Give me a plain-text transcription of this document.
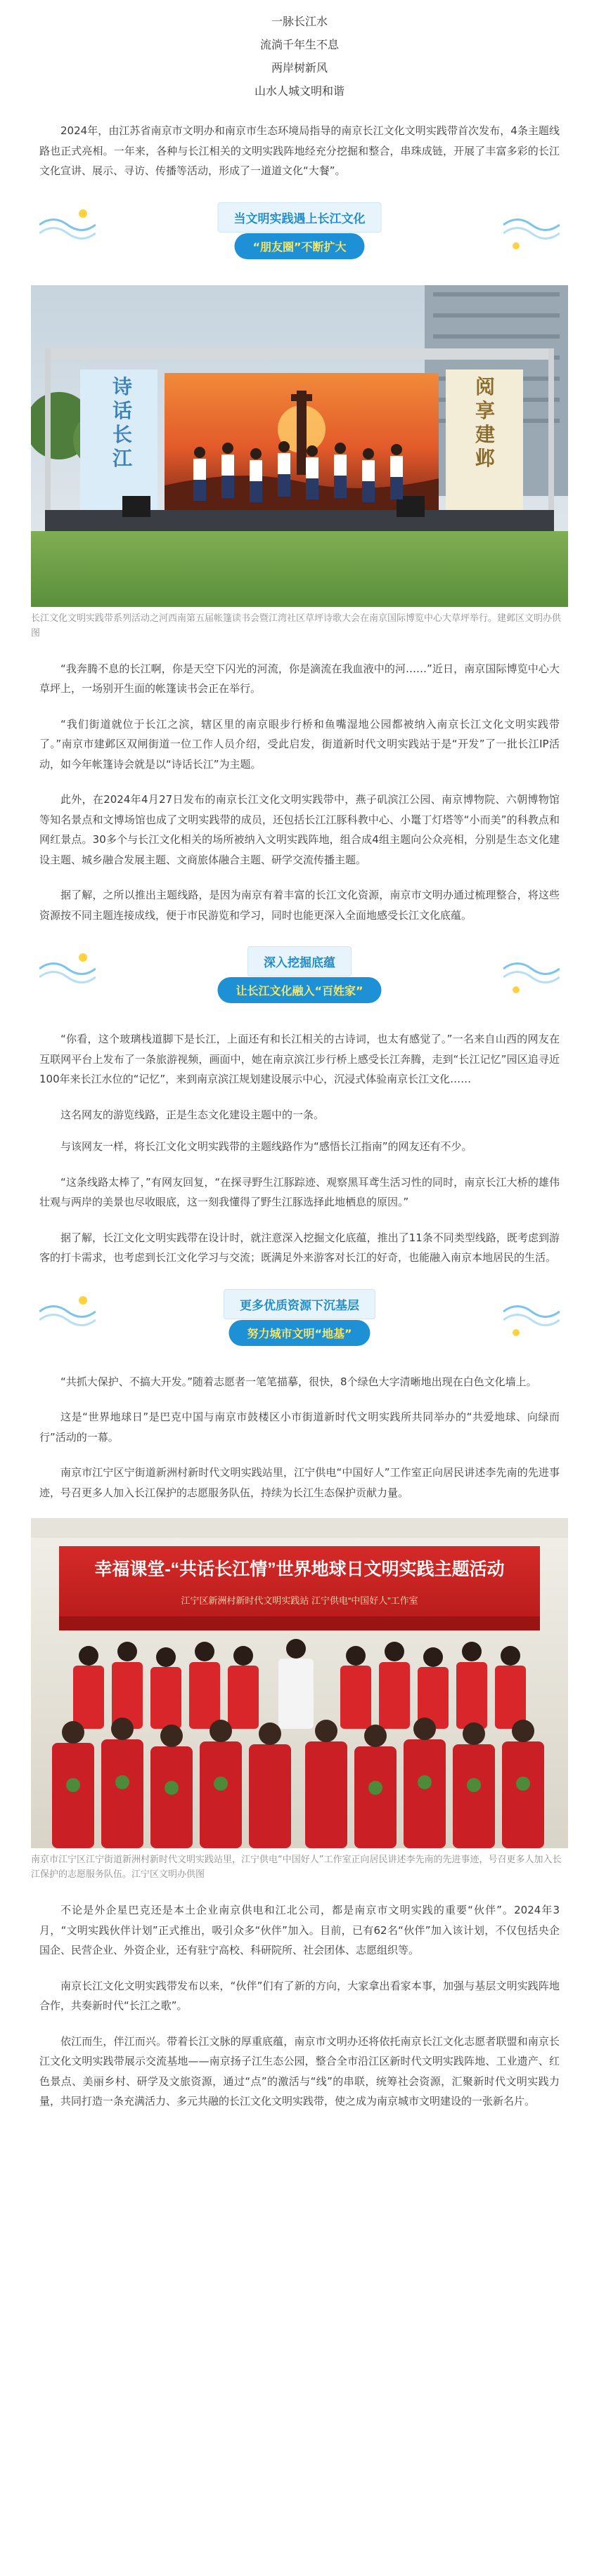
一脉长江水
流淌千年生不息
两岸树新风
山水人城文明和谐

2024年，由江苏省南京市文明办和南京市生态环境局指导的南京长江文化文明实践带首次发布，4条主题线路也正式亮相。一年来，各种与长江相关的文明实践阵地经充分挖掘和整合，串珠成链，开展了丰富多彩的长江文化宣讲、展示、寻访、传播等活动，形成了一道道文化“大餐”。

当文明实践遇上长江文化
“朋友圈”不断扩大
诗 话 长 江
阅 享 建 邺
长江文化文明实践带系列活动之河西南第五届帐篷读书会暨江湾社区草坪诗歌大会在南京国际博览中心大草坪举行。建邺区文明办供图

“我奔腾不息的长江啊，你是天空下闪光的河流，你是滴流在我血液中的河……”近日，南京国际博览中心大草坪上，一场别开生面的帐篷读书会正在举行。

“我们街道就位于长江之滨，辖区里的南京眼步行桥和鱼嘴湿地公园都被纳入南京长江文化文明实践带了。”南京市建邺区双闸街道一位工作人员介绍，受此启发，街道新时代文明实践站于是“开发”了一批长江IP活动，如今年帐篷诗会就是以“诗话长江”为主题。

此外，在2024年4月27日发布的南京长江文化文明实践带中，燕子矶滨江公园、南京博物院、六朝博物馆等知名景点和文博场馆也成了文明实践带的成员，还包括长江江豚科教中心、小鼍丁灯塔等“小而美”的科教点和网红景点。30多个与长江文化相关的场所被纳入文明实践阵地，组合成4组主题向公众亮相，分别是生态文化建设主题、城乡融合发展主题、文商旅体融合主题、研学交流传播主题。

据了解，之所以推出主题线路，是因为南京有着丰富的长江文化资源，南京市文明办通过梳理整合，将这些资源按不同主题连接成线，便于市民游览和学习，同时也能更深入全面地感受长江文化底蕴。

深入挖掘底蕴
让长江文化融入“百姓家”

“你看，这个玻璃栈道脚下是长江，上面还有和长江相关的古诗词，也太有感觉了。”一名来自山西的网友在互联网平台上发布了一条旅游视频，画面中，她在南京滨江步行桥上感受长江奔腾，走到“长江记忆”园区追寻近100年来长江水位的“记忆”，来到南京滨江规划建设展示中心，沉浸式体验南京长江文化……

这名网友的游览线路，正是生态文化建设主题中的一条。

与该网友一样，将长江文化文明实践带的主题线路作为“感悟长江指南”的网友还有不少。

“这条线路太棒了，”有网友回复，“在探寻野生江豚踪迹、观察黑耳鸢生活习性的同时，南京长江大桥的雄伟壮观与两岸的美景也尽收眼底，这一刻我懂得了野生江豚选择此地栖息的原因。”

据了解，长江文化文明实践带在设计时，就注意深入挖掘文化底蕴，推出了11条不同类型线路，既考虑到游客的打卡需求，也考虑到长江文化学习与交流；既满足外来游客对长江的好奇，也能融入南京本地居民的生活。

更多优质资源下沉基层
努力城市文明“地基”

“共抓大保护、不搞大开发。”随着志愿者一笔笔描摹，很快，8个绿色大字清晰地出现在白色文化墙上。

这是“世界地球日”是巴克中国与南京市鼓楼区小市街道新时代文明实践所共同举办的“共爱地球、向绿而行”活动的一幕。

南京市江宁区宁街道新洲村新时代文明实践站里，江宁供电“中国好人”工作室正向居民讲述李先南的先进事迹，号召更多人加入长江保护的志愿服务队伍，持续为长江生态保护贡献力量。

幸福课堂-“共话长江情”世界地球日文明实践主题活动
江宁区新洲村新时代文明实践站 江宁供电“中国好人”工作室
南京市江宁区江宁街道新洲村新时代文明实践站里，江宁供电“中国好人”工作室正向居民讲述李先南的先进事迹，号召更多人加入长江保护的志愿服务队伍。江宁区文明办供图

不论是外企星巴克还是本土企业南京供电和江北公司，都是南京市文明实践的重要“伙伴”。2024年3月，“文明实践伙伴计划”正式推出，吸引众多“伙伴”加入。目前，已有62名“伙伴”加入该计划，不仅包括央企国企、民营企业、外资企业，还有驻宁高校、科研院所、社会团体、志愿组织等。

南京长江文化文明实践带发布以来，“伙伴”们有了新的方向，大家拿出看家本事，加强与基层文明实践阵地合作，共奏新时代“长江之歌”。

依江而生，伴江而兴。带着长江文脉的厚重底蕴，南京市文明办还将依托南京长江文化志愿者联盟和南京长江文化文明实践带展示交流基地——南京扬子江生态公园，整合全市沿江区新时代文明实践阵地、工业遗产、红色景点、美丽乡村、研学及文旅资源，通过“点”的激活与“线”的串联，统筹社会资源，汇聚新时代文明实践力量，共同打造一条充满活力、多元共融的长江文化文明实践带，使之成为南京城市文明建设的一张新名片。
